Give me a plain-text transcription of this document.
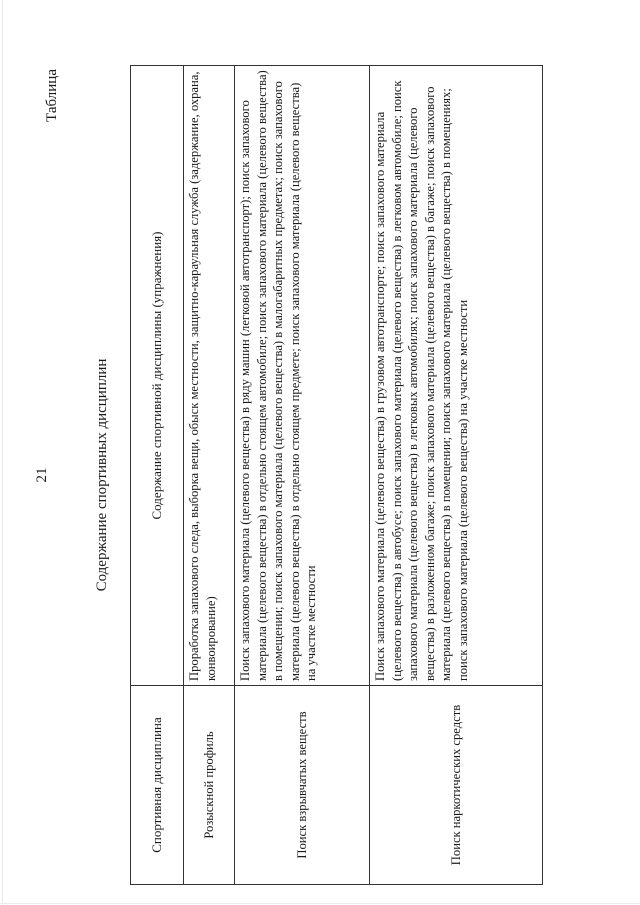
21
Таблица
Содержание спортивных дисциплин
Спортивная дисциплина	Содержание спортивной дисциплины (упражнения)
Розыскной профиль	Проработка запахового следа, выборка вещи, обыск местности, защитно-караульная служба (задержание, охрана, конвоирование)
Поиск взрывчатых веществ	Поиск запахового материала (целевого вещества) в ряду машин (легковой автотранспорт); поиск запахового материала (целевого вещества) в отдельно стоящем автомобиле; поиск запахового материала (целевого вещества) в помещении; поиск запахового материала (целевого вещества) в малогабаритных предметах; поиск запахового материала (целевого вещества) в отдельно стоящем предмете; поиск запахового материала (целевого вещества) на участке местности
Поиск наркотических средств	Поиск запахового материала (целевого вещества) в грузовом автотранспорте; поиск запахового материала (целевого вещества) в автобусе; поиск запахового материала (целевого вещества) в легковом автомобиле; поиск запахового материала (целевого вещества) в легковых автомобилях; поиск запахового материала (целевого вещества) в разложенном багаже; поиск запахового материала (целевого вещества) в багаже; поиск запахового материала (целевого вещества) в помещении; поиск запахового материала (целевого вещества) в помещениях; поиск запахового материала (целевого вещества) на участке местности
